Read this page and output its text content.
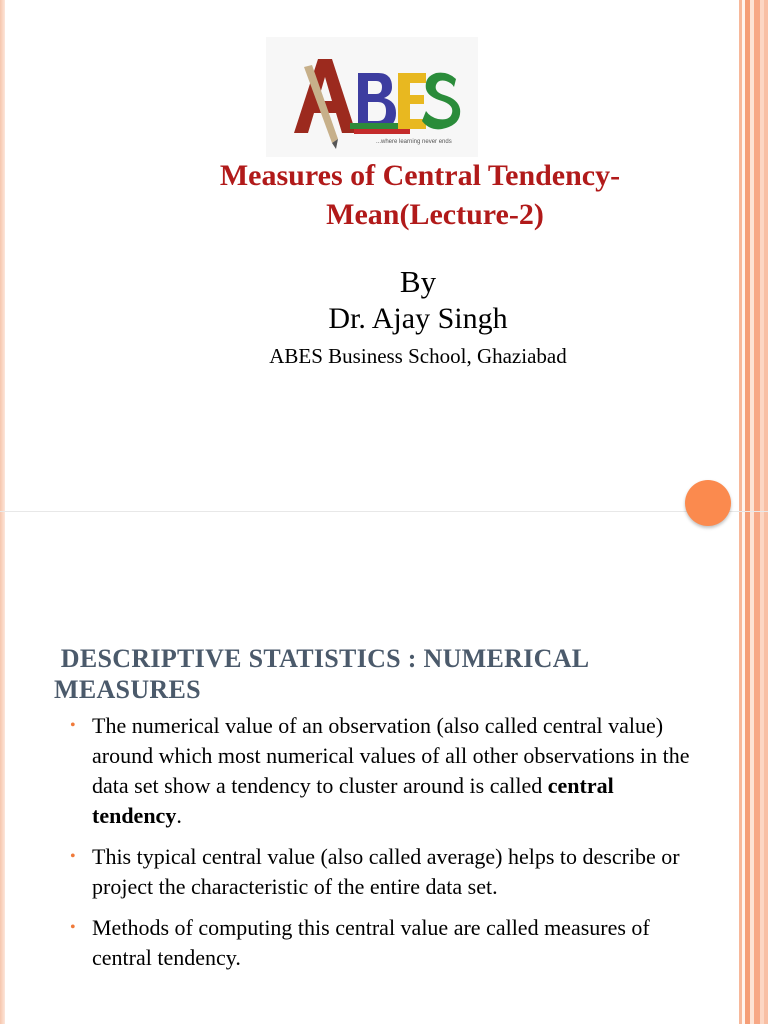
...where learning never ends
Measures of Central Tendency-
Mean(Lecture-2)
By
Dr. Ajay Singh
ABES Business School, Ghaziabad
DESCRIPTIVE STATISTICS : NUMERICAL
MEASURES
• The numerical value of an observation (also called central value) around which most numerical values of all other observations in the data set show a tendency to cluster around is called central tendency.
• This typical central value (also called average) helps to describe or project the characteristic of the entire data set.
• Methods of computing this central value are called measures of central tendency.
